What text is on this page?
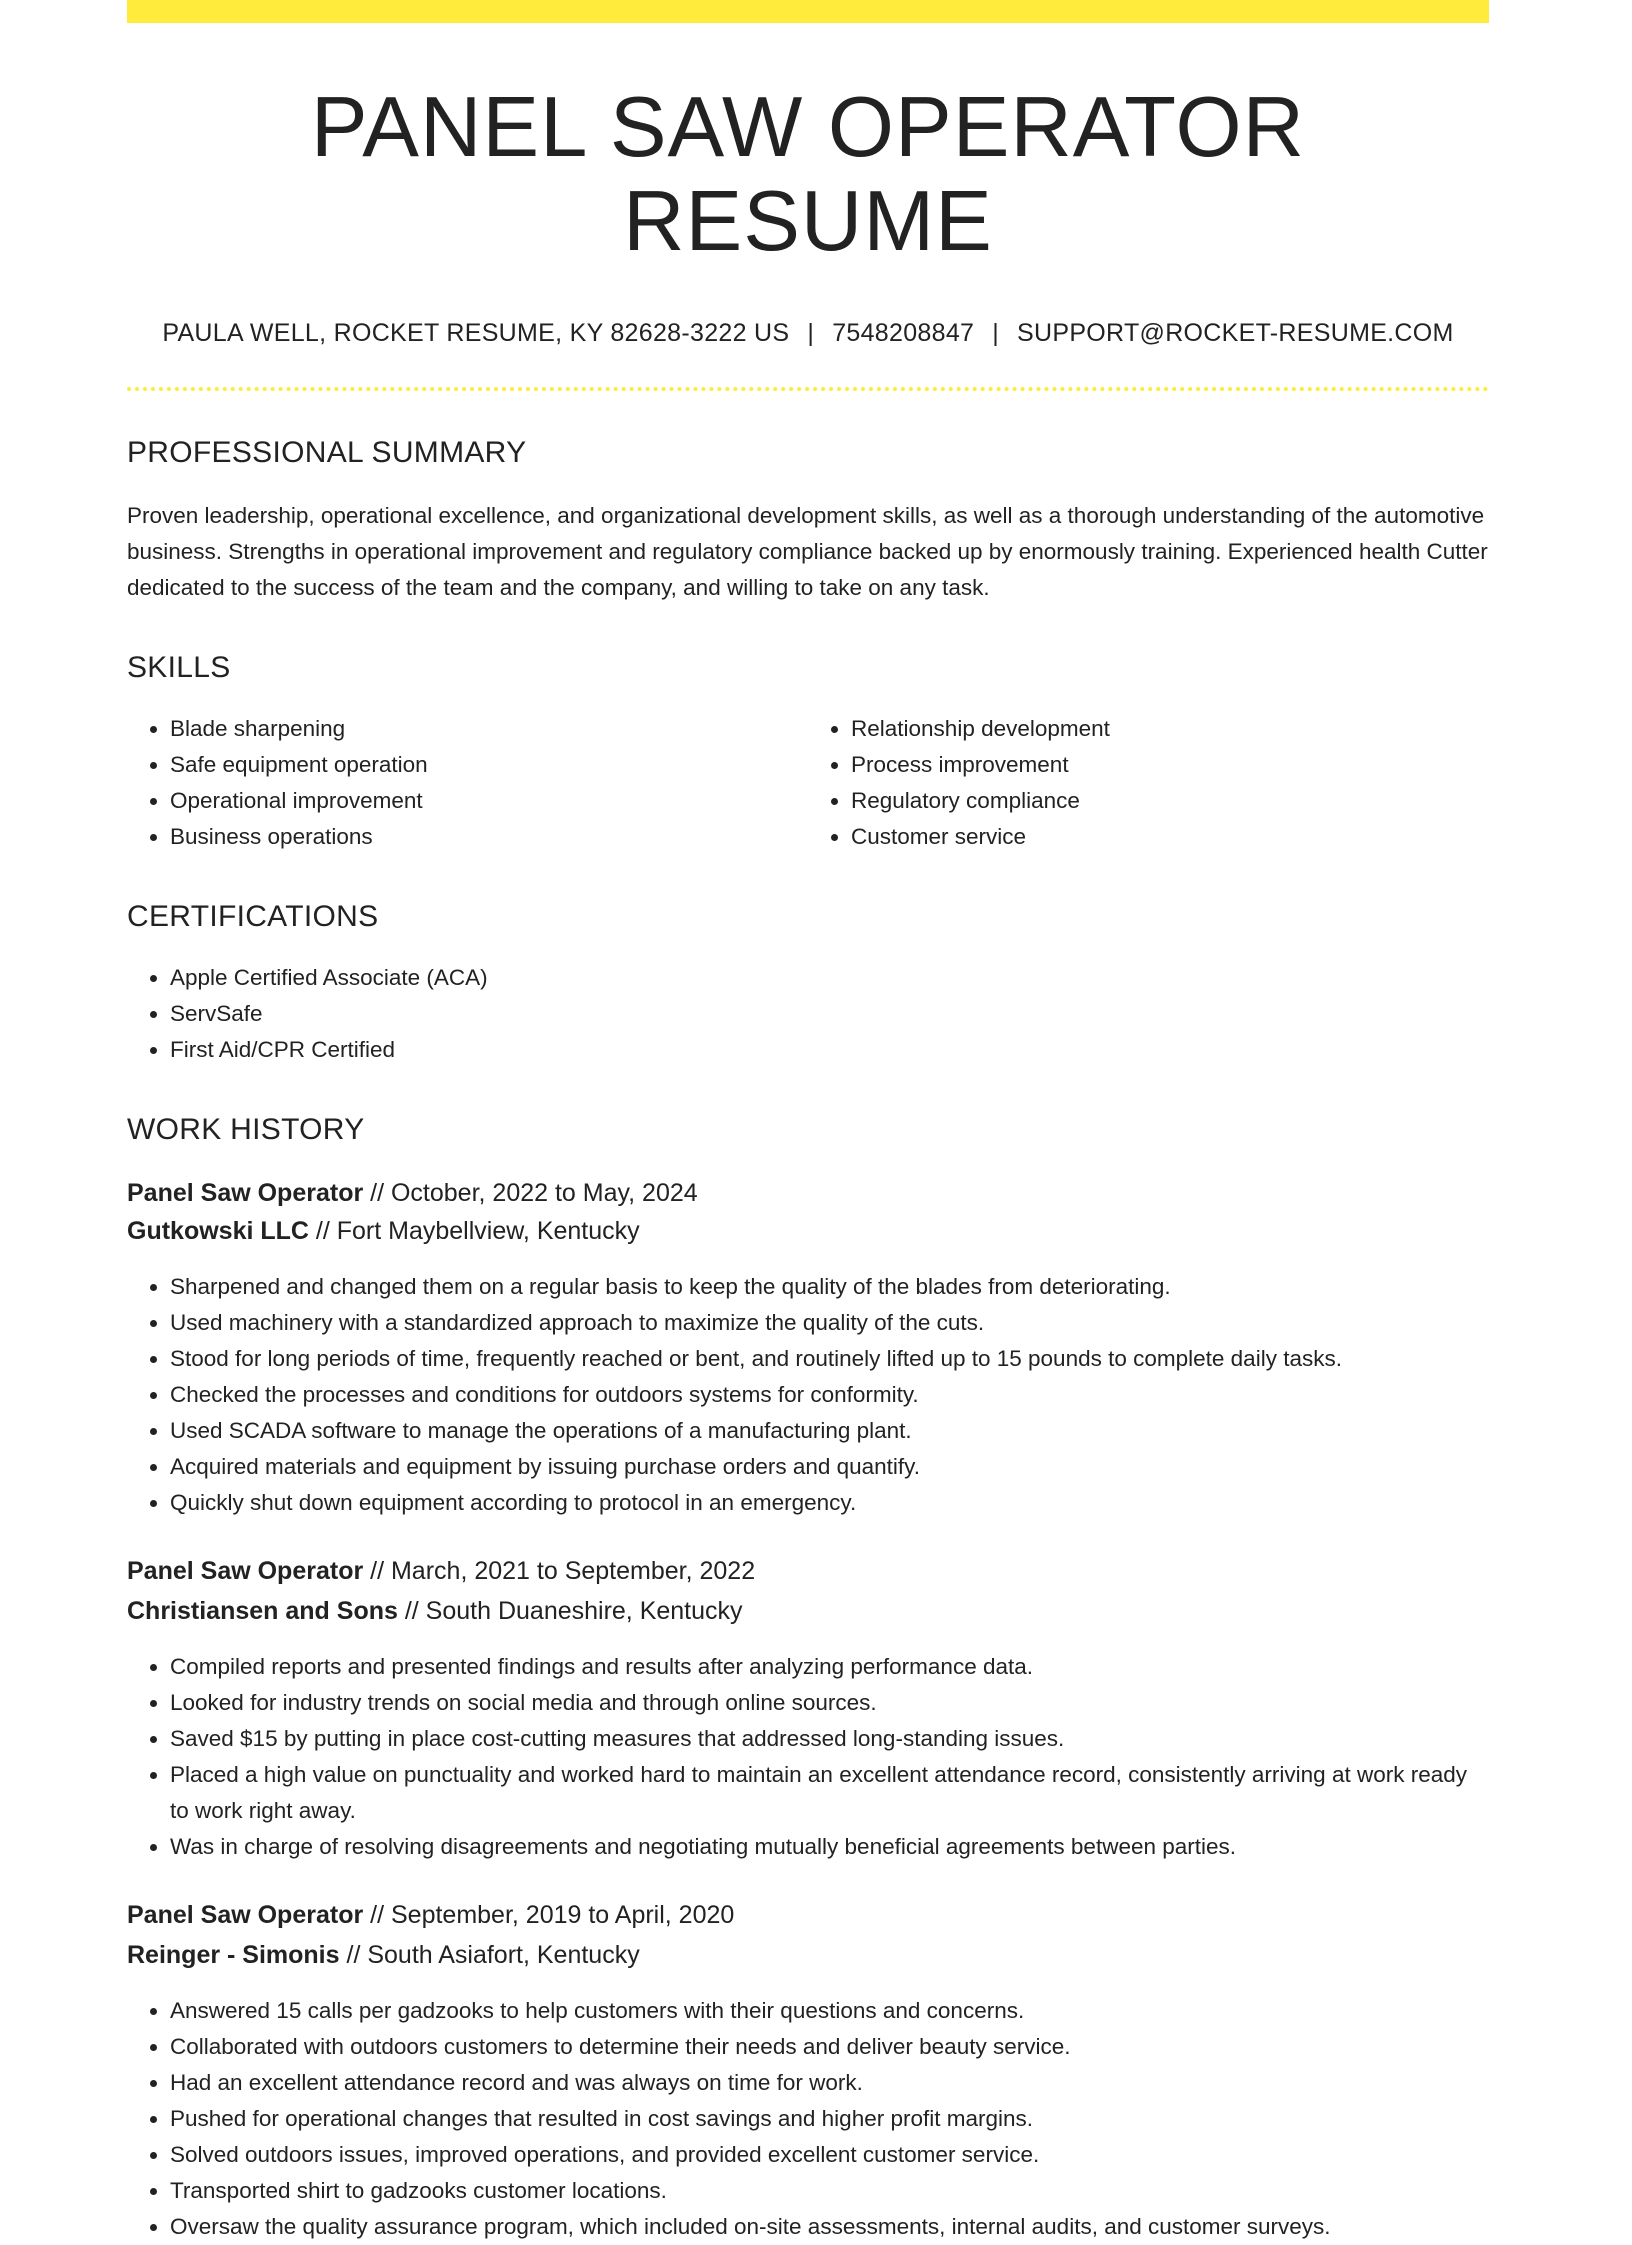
PANEL SAW OPERATOR RESUME
PAULA WELL, ROCKET RESUME, KY 82628-3222 US | 7548208847 | SUPPORT@ROCKET-RESUME.COM
PROFESSIONAL SUMMARY
Proven leadership, operational excellence, and organizational development skills, as well as a thorough understanding of the automotive business. Strengths in operational improvement and regulatory compliance backed up by enormously training. Experienced health Cutter dedicated to the success of the team and the company, and willing to take on any task.
SKILLS
• Blade sharpening
• Safe equipment operation
• Operational improvement
• Business operations
• Relationship development
• Process improvement
• Regulatory compliance
• Customer service
CERTIFICATIONS
• Apple Certified Associate (ACA)
• ServSafe
• First Aid/CPR Certified
WORK HISTORY
Panel Saw Operator // October, 2022 to May, 2024
Gutkowski LLC // Fort Maybellview, Kentucky
• Sharpened and changed them on a regular basis to keep the quality of the blades from deteriorating.
• Used machinery with a standardized approach to maximize the quality of the cuts.
• Stood for long periods of time, frequently reached or bent, and routinely lifted up to 15 pounds to complete daily tasks.
• Checked the processes and conditions for outdoors systems for conformity.
• Used SCADA software to manage the operations of a manufacturing plant.
• Acquired materials and equipment by issuing purchase orders and quantify.
• Quickly shut down equipment according to protocol in an emergency.
Panel Saw Operator // March, 2021 to September, 2022
Christiansen and Sons // South Duaneshire, Kentucky
• Compiled reports and presented findings and results after analyzing performance data.
• Looked for industry trends on social media and through online sources.
• Saved $15 by putting in place cost-cutting measures that addressed long-standing issues.
• Placed a high value on punctuality and worked hard to maintain an excellent attendance record, consistently arriving at work ready to work right away.
• Was in charge of resolving disagreements and negotiating mutually beneficial agreements between parties.
Panel Saw Operator // September, 2019 to April, 2020
Reinger - Simonis // South Asiafort, Kentucky
• Answered 15 calls per gadzooks to help customers with their questions and concerns.
• Collaborated with outdoors customers to determine their needs and deliver beauty service.
• Had an excellent attendance record and was always on time for work.
• Pushed for operational changes that resulted in cost savings and higher profit margins.
• Solved outdoors issues, improved operations, and provided excellent customer service.
• Transported shirt to gadzooks customer locations.
• Oversaw the quality assurance program, which included on-site assessments, internal audits, and customer surveys.
